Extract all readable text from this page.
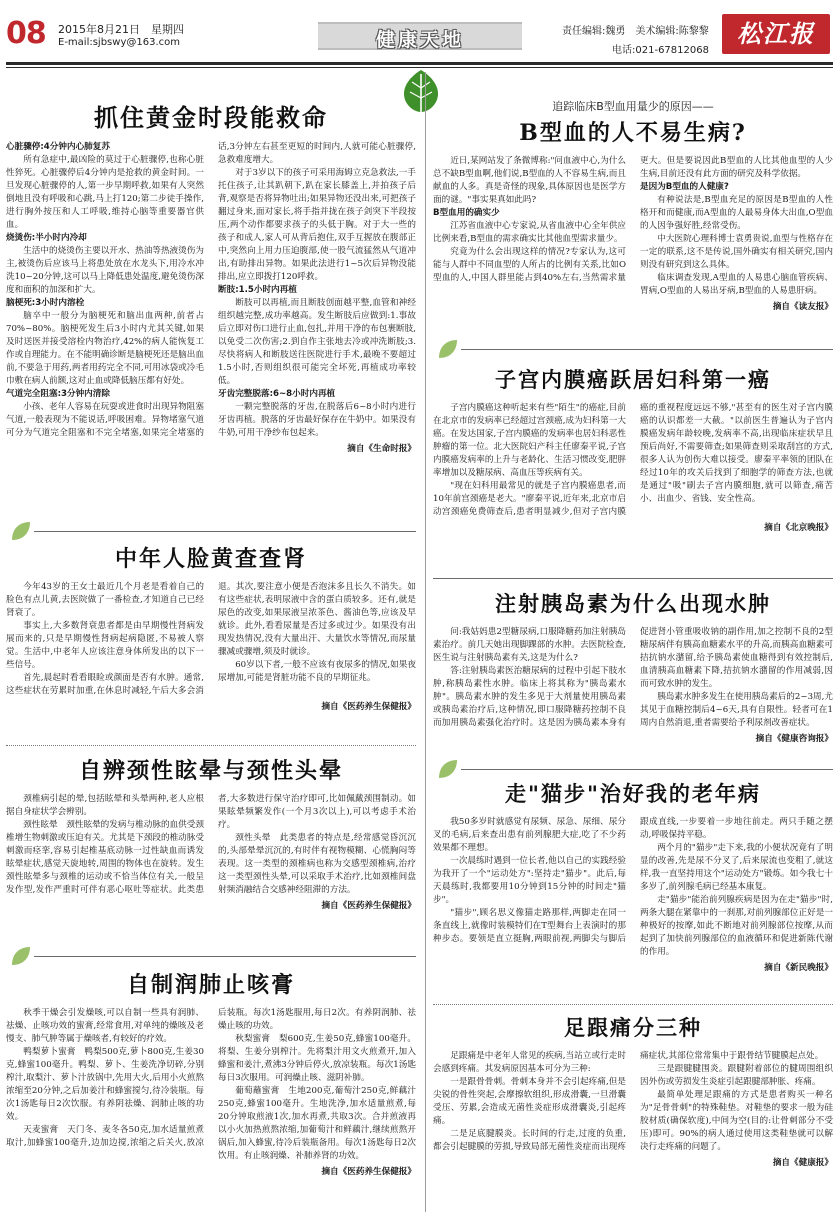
08 2015年8月21日　星期四
E-mail:sjbswy@163.com	健康天地	责任编辑:魏勇　美术编辑:陈黎黎
电话:021-67812068
松江报
抓住黄金时段能救命
心脏骤停:4分钟内心肺复苏

所有急症中,最凶险的莫过于心脏骤停,也称心脏性猝死。心脏骤停后4分钟内是抢救的黄金时间。一旦发现心脏骤停的人,第一步早期呼救,如果有人突然倒地且没有呼吸和心跳,马上打120;第二步徒手操作,进行胸外按压和人工呼吸,维持心脑等重要器官供血。

烧烫伤:半小时内冷却

生活中的烧烫伤主要以开水、热油等热液烫伤为主,被烫伤后应该马上将患处放在水龙头下,用冷水冲洗10~20分钟,这可以马上降低患处温度,避免烫伤深度和面积的加深和扩大。

脑梗死:3小时内溶栓

脑卒中一般分为脑梗死和脑出血两种,前者占70%~80%。脑梗死发生后3小时内尤其关键,如果及时送医并接受溶栓内物治疗,42%的病人能恢复工作或自理能力。在不能明确诊断是脑梗死还是脑出血前,不要急于用药,两者用药完全不同,可用冰袋或冷毛巾敷在病人前额,这对止血或降低脑压都有好处。

气道完全阻塞:3分钟内清除

小孩、老年人容易在玩耍或进食时出现异物阻塞气道,一般表现为不能说话,呼吸困难。异物堵塞气道可分为气道完全阻塞和不完全堵塞,如果完全堵塞的话,3分钟左右甚至更短的时间内,人就可能心脏骤停,急救难度增大。

对于3岁以下的孩子可采用海姆立克急救法,一手托住孩子,让其趴朝下,趴在家长膝盖上,并拍孩子后背,观察是否将异物吐出;如果异物还没出来,可把孩子翻过身来,面对家长,将手指并拢在孩子剑突下半段按压,两个动作都要求孩子的头低于胸。对于大一些的孩子和成人,家人可从背后抱住,双手互握放在腹部正中,突然向上用力压迫腹部,使一股气流猛然从气道冲出,有助排出异物。如果此法进行1~5次后异物没能排出,应立即拨打120呼救。

断肢:1.5小时内再植

断肢可以再植,而且断肢创面越平整,血管和神经组织越完整,成功率越高。发生断肢后应做到:1.事故后立即对伤口进行止血,包扎,并用干净的布包裹断肢,以免受二次伤害;2.到自作主张地去冷或冲洗断肢;3.尽快将病人和断肢送往医院进行手术,最晚不要超过1.5小时,否则组织很可能完全坏死,再植成功率较低。

牙齿完整脱落:6~8小时内再植

一颗完整脱落的牙齿,在脱落后6~8小时内进行牙齿再植。脱落的牙齿最好保存在牛奶中。如果没有牛奶,可用干净纱布包起来。

摘自《生命时报》
中年人脸黄查查肾

今年43岁的王女士最近几个月老是看着自己的脸色有点儿黄,去医院做了一番检查,才知道自己已经肾衰了。

事实上,大多数肾衰患者都是由早期慢性肾病发展而来的,只是早期慢性肾病起病隐匿,不易被人察觉。生活中,中老年人应该注意身体所发出的以下一些信号。

首先,晨起时看看眼睑或颜面是否有水肿。通常,这些症状在劳累时加重,在休息时减轻,午后大多会消退。其次,要注意小便是否泡沫多且长久不消失。如有这些症状,表明尿液中含的蛋白质较多。还有,就是尿色的改变,如果尿液呈浓茶色、酱油色等,应该及早就诊。此外,看看尿量是否过多或过少。如果没有出现发热情况,没有大量出汗、大量饮水等情况,而尿量骤减或骤增,须及时就诊。

60岁以下者,一般不应该有夜尿多的情况,如果夜尿增加,可能是肾脏功能不良的早期征兆。

摘自《医药养生保健报》
自辨颈性眩晕与颈性头晕

颈椎病引起的晕,包括眩晕和头晕两种,老人应根据自身症状学会辨别。

颈性眩晕　颈性眩晕的发病与椎动脉的血供受颈椎增生物刺激或压迫有关。尤其是下颈段的椎动脉受刺激而痉挛,容易引起椎基底动脉一过性缺血而诱发眩晕症状,感觉天旋地转,周围的物体也在旋转。发生颈性眩晕多与颈椎的运动或不恰当体位有关,一般呈发作型,发作严重时可伴有恶心呕吐等症状。此类患者,大多数进行保守治疗即可,比如佩戴颈围制动。如果眩晕频繁发作(一个月3次以上),可以考虑手术治疗。

颈性头晕　此类患者的特点是,经常感觉昏沉沉的,头部晕晕沉沉的,有时伴有视物模糊、心慌胸闷等表现。这一类型的颈椎病也称为交感型颈椎病,治疗这一类型颈性头晕,可以采取手术治疗,比如颈椎间盘射频消融结合交感神经阻滞的方法。

摘自《医药养生保健报》
自制润肺止咳膏

秋季干燥会引发燥咳,可以自制一些具有润肺、祛燥、止咳功效的蜜膏,经常食用,对单纯的燥咳及老慢支、肺气肿等属于燥咳者,有较好的疗效。

鸭梨萝卜蜜膏　鸭梨500克,萝卜800克,生姜30克,蜂蜜100毫升。鸭梨、萝卜、生姜洗净切碎,分别榨汁,取梨汁、萝卜汁放锅中,先用大火,后用小火煎熬浓缩至20分钟,之后加姜汁和蜂蜜搅匀,待冷装瓶。每次1汤匙每日2次饮服。有养阴祛燥、润肺止咳的功效。

天麦蜜膏　天门冬、麦冬各50克,加水适量煎煮取汁,加蜂蜜100毫升,边加边搅,浓缩之后关火,放凉后装瓶。每次1汤匙服用,每日2次。有养阴润肺、祛燥止咳的功效。

秋梨蜜膏　梨600克,生姜50克,蜂蜜100毫升。将梨、生姜分别榨汁。先将梨汁用文火煎煮开,加入蜂蜜和姜汁,煮沸3分钟后停火,放凉装瓶。每次1汤匙每日3次服用。可润燥止咳、滋阴补肺。

葡萄蘸蜜膏　生地200克,葡萄汁250克,鲜藕汁250克,蜂蜜100毫升。生地洗净,加水适量煎煮,每20分钟取煎液1次,加水再煮,共取3次。合并煎液再以小火加热煎熬浓缩,加葡萄汁和鲜藕汁,继续煎熬开锅后,加入蜂蜜,待冷后装瓶备用。每次1汤匙每日2次饮用。有止咳润燥、补肺养肾的功效。

摘自《医药养生保健报》
追踪临床B型血用量少的原因——
B型血的人不易生病?

近日,某网站发了条微博称:"问血液中心,为什么总不缺B型血啊,他们说,B型血的人不容易生病,而且献血的人多。真是奇怪的现象,具体原因也是医学方面的谜。"事实果真如此吗?

B型血用的确实少

江苏省血液中心专家说,从省血液中心全年供应比例来看,B型血的需求确实比其他血型需求量少。

究竟为什么会出现这样的情况?专家认为,这可能与人群中不同血型的人所占的比例有关系,比如O型血的人,中国人群里能占到40%左右,当然需求量更大。但是要说因此B型血的人比其他血型的人少生病,目前还没有此方面的研究及科学依据。

是因为B型血的人健康?

有种说法是,B型血充足的原因是B型血的人性格开和而健康,而A型血的人最易身体大出血,O型血的人因争强好胜,经常受伤。

中大医院心理科博士袁勇贵说,血型与性格存在一定的联系,这不是传说,国外确实有相关研究,国内则没有研究到这么具体。

临床调查发现,A型血的人易患心脑血管疾病、胃病,O型血的人易出牙病,B型血的人易患肝病。

摘自《读友报》
子宫内膜癌跃居妇科第一癌

子宫内膜癌这种听起来有些"陌生"的癌症,目前在北京市的发病率已经超过宫颈癌,成为妇科第一大癌。在发达国家,子宫内膜癌的发病率也居妇科恶性肿瘤的第一位。北大医院妇产科主任廖秦平说,子宫内膜癌发病率的上升与老龄化、生活习惯改变,肥胖率增加以及糖尿病、高血压等疾病有关。

"现在妇科用最常见的就是子宫内膜癌患者,而10年前宫颈癌是老大。"廖秦平说,近年来,北京市启动宫颈癌免费筛查后,患者明显减少,但对子宫内膜癌的重视程度远远不够,"甚至有的医生对子宫内膜癌的认识都差一大截。"以前医生普遍认为子宫内膜癌发病年龄较晚,发病率不高,出现临床症状早且预后尚好,不需要筛查;如果筛查则采取刮宫的方式,很多人认为创伤大难以接受。廖秦平率领的团队在经过10年的攻关后找到了细胞学的筛查方法,也就是通过"吸"刷去子宫内膜细胞,就可以筛查,痛苦小、出血少、省钱、安全性高。

摘自《北京晚报》
注射胰岛素为什么出现水肿

问:我姑妈患2型糖尿病,口服降糖药加注射胰岛素治疗。前几天她出现脚踝部的水肿。去医院检查,医生说与注射胰岛素有关,这是为什么?

答:注射胰岛素医治糖尿病的过程中引起下肢水肿,称胰岛素性水肿。临床上将其称为"胰岛素水肿"。胰岛素水肿的发生多见于大剂量使用胰岛素或胰岛素治疗后,这种情况,即口服降糖药控制不良而加用胰岛素强化治疗时。这是因为胰岛素本身有促进肾小管重吸收钠的副作用,加之控制不良的2型糖尿病伴有胰高血糖素水平的升高,而胰高血糖素可拮抗钠水潴留,给予胰岛素使血糖得到有效控制后,血清胰高血糖素下降,拮抗钠水潴留的作用减弱,因而可致水肿的发生。

胰岛素水肿多发生在使用胰岛素后的2~3周,尤其见于血糖控制后4~6天,具有自限性。轻者可在1周内自然消退,重者需要给予利尿剂改善症状。

摘自《健康咨询报》
走"猫步"治好我的老年病

我50多岁时就感觉有尿频、尿急、尿细、尿分叉的毛病,后来查出患有前列腺肥大症,吃了不少药效果都不理想。

一次晨练时遇到一位长者,他以自己的实践经验为我开了一个"运动处方":坚持走"猫步"。此后,每天晨练时,我都要用10分钟到15分钟的时间走"猫步"。

"猫步",顾名思义像猫走路那样,两脚走在同一条直线上,就像时装模特们在T型舞台上表演时的那种步态。要领是直立挺胸,两眼前视,两脚尖与脚后跟成直线,一步要着一步地往前走。两只手随之摆动,呼吸保持平稳。

两个月的"猫步"走下来,我的小便状况竟有了明显的改善,先是尿不分叉了,后来尿流也变粗了,就这样,我一直坚持用这个"运动处方"锻炼。如今我七十多岁了,前列腺毛病已经基本康复。

走"猫步"能治前列腺疾病是因为在走"猫步"时,两条大腿在紧靠中的一刹那,对前列腺部位正好是一种极好的按摩,如此不断地对前列腺部位按摩,从而起到了加快前列腺部位的血液循环和促进新陈代谢的作用。

摘自《新民晚报》
足跟痛分三种

足跟痛是中老年人常见的疾病,当站立或行走时会感到疼痛。其发病原因基本可分为三种:

一是跟骨骨刺。骨刺本身并不会引起疼痛,但是尖锐的骨性突起,会摩擦软组织,形成滑囊,一旦滑囊受压、劳累,会造成无菌性炎症形成滑囊炎,引起疼痛。

二是足底腱膜炎。长时间的行走,过度的负重,都会引起腱膜的劳损,导致局部无菌性炎症而出现疼痛症状,其部位常常集中于跟骨结节腱膜起点处。

三是跟腱腱围炎。跟腱附着部位的腱周围组织因外伤或劳损发生炎症引起跟腱部肿胀、疼痛。

最简单处理足跟痛的方式是患者购买一种名为"足骨骨刺"的特殊鞋垫。对鞋垫的要求一般为硅胶材质(确保软度),中间为空(目的:让骨刺部分不受压)即可。90%的病人通过使用这类鞋垫就可以解决行走疼痛的问题了。

摘自《健康报》
